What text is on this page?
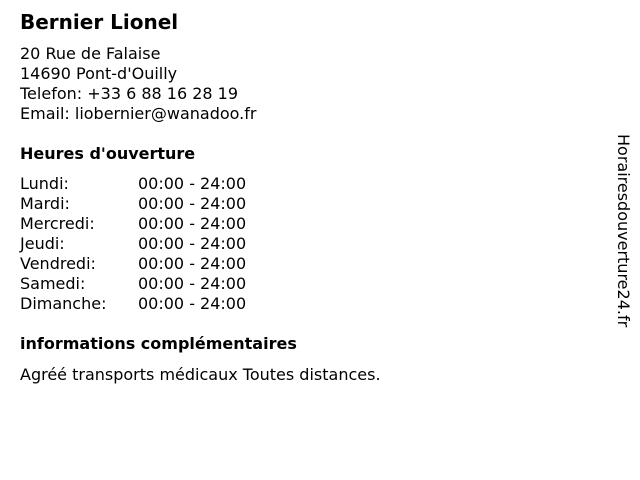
Bernier Lionel
20 Rue de Falaise
14690 Pont-d'Ouilly
Telefon: +33 6 88 16 28 19
Email: liobernier@wanadoo.fr
Heures d'ouverture
Lundi:	00:00 - 24:00
Mardi:	00:00 - 24:00
Mercredi:	00:00 - 24:00
Jeudi:	00:00 - 24:00
Vendredi:	00:00 - 24:00
Samedi:	00:00 - 24:00
Dimanche: 00:00 - 24:00
informations complémentaires
Agréé transports médicaux Toutes distances.
Horairesdouverture24.fr
